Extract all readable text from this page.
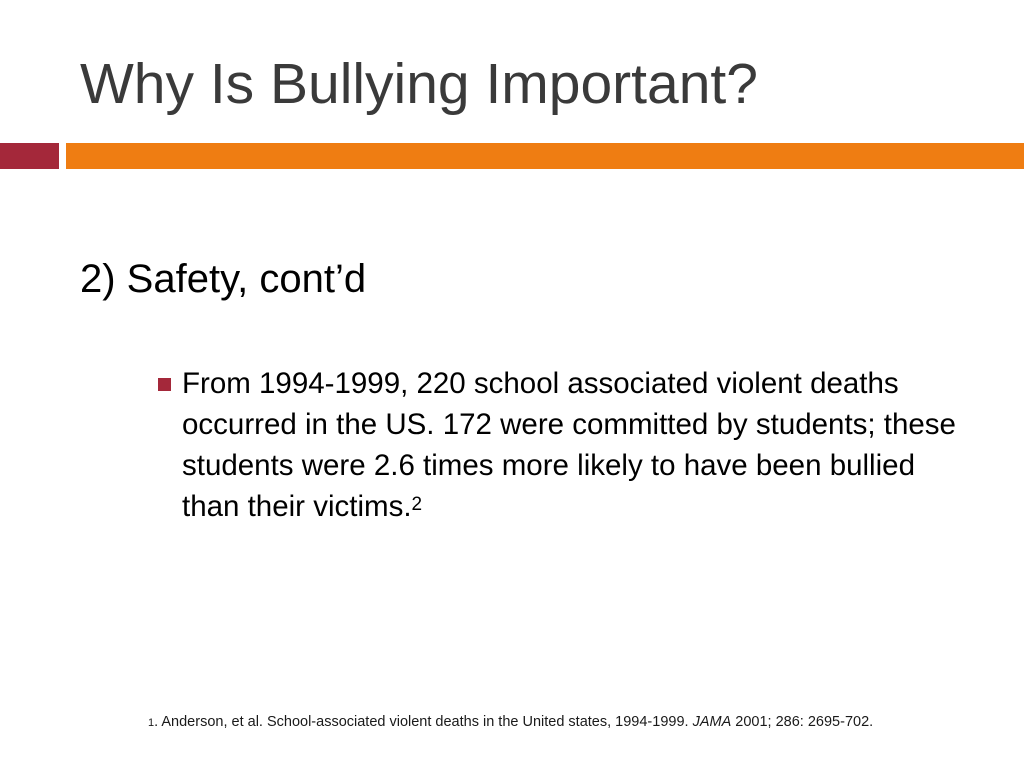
Why Is Bullying Important?
2) Safety, cont’d
From 1994-1999, 220 school associated violent deaths occurred in the US. 172 were committed by students; these students were 2.6 times more likely to have been bullied than their victims.$^2$
1. Anderson, et al. School-associated violent deaths in the United states, 1994-1999. JAMA 2001; 286: 2695-702.
